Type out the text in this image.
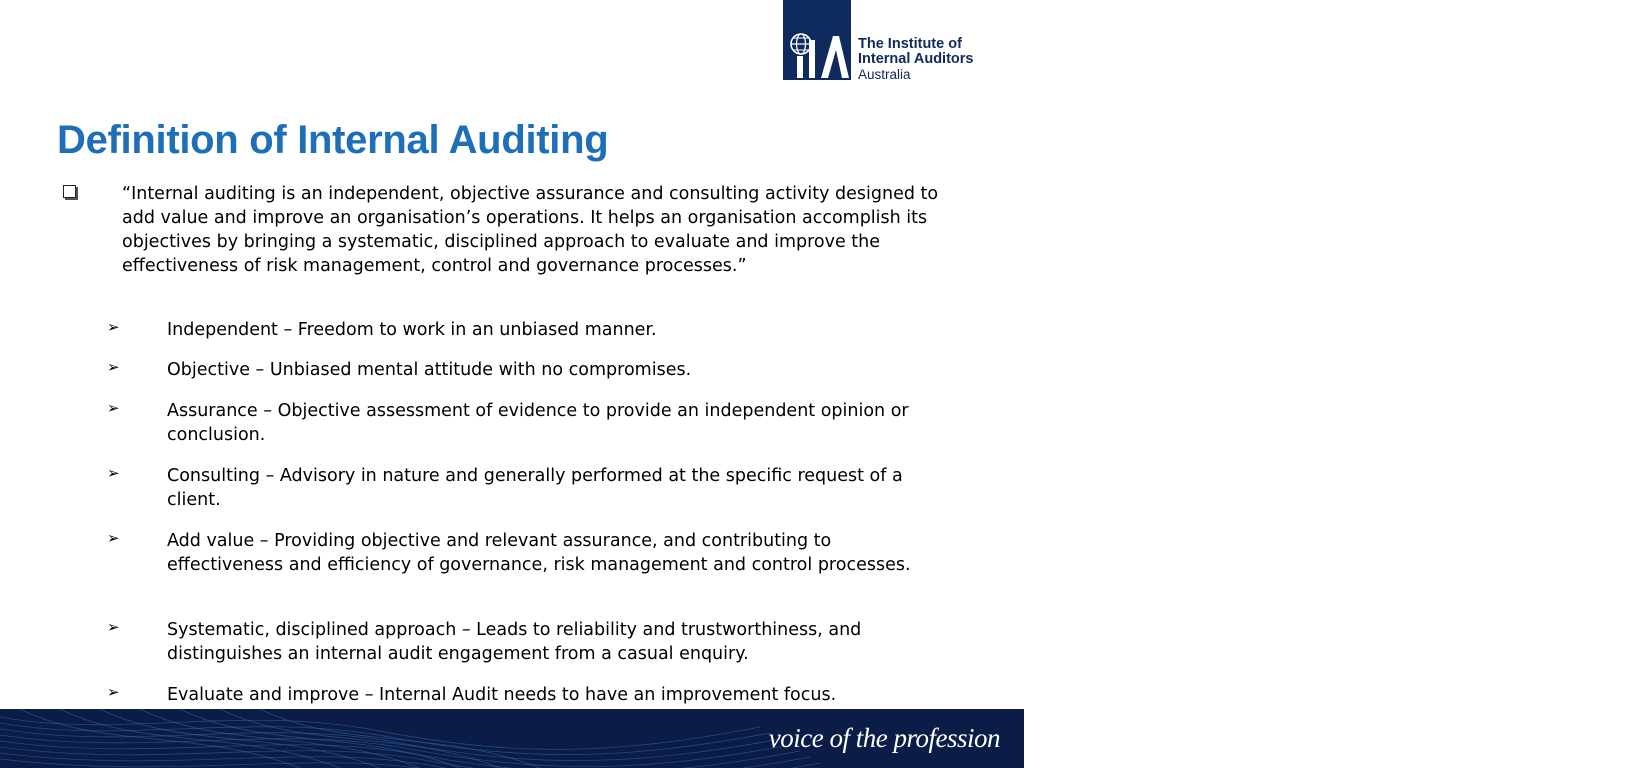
TM
The Institute of
Internal Auditors
Australia
Definition of Internal Auditing
“Internal auditing is an independent, objective assurance and consulting activity designed to add value and improve an organisation’s operations. It helps an organisation accomplish its objectives by bringing a systematic, disciplined approach to evaluate and improve the effectiveness of risk management, control and governance processes.”
➢	Independent – Freedom to work in an unbiased manner.
➢	Objective – Unbiased mental attitude with no compromises.
➢	Assurance – Objective assessment of evidence to provide an independent opinion or conclusion.
➢	Consulting – Advisory in nature and generally performed at the specific request of a client.
➢	Add value – Providing objective and relevant assurance, and contributing to effectiveness and efficiency of governance, risk management and control processes.
➢	Systematic, disciplined approach – Leads to reliability and trustworthiness, and distinguishes an internal audit engagement from a casual enquiry.
➢	Evaluate and improve – Internal Audit needs to have an improvement focus.
voice of the profession
